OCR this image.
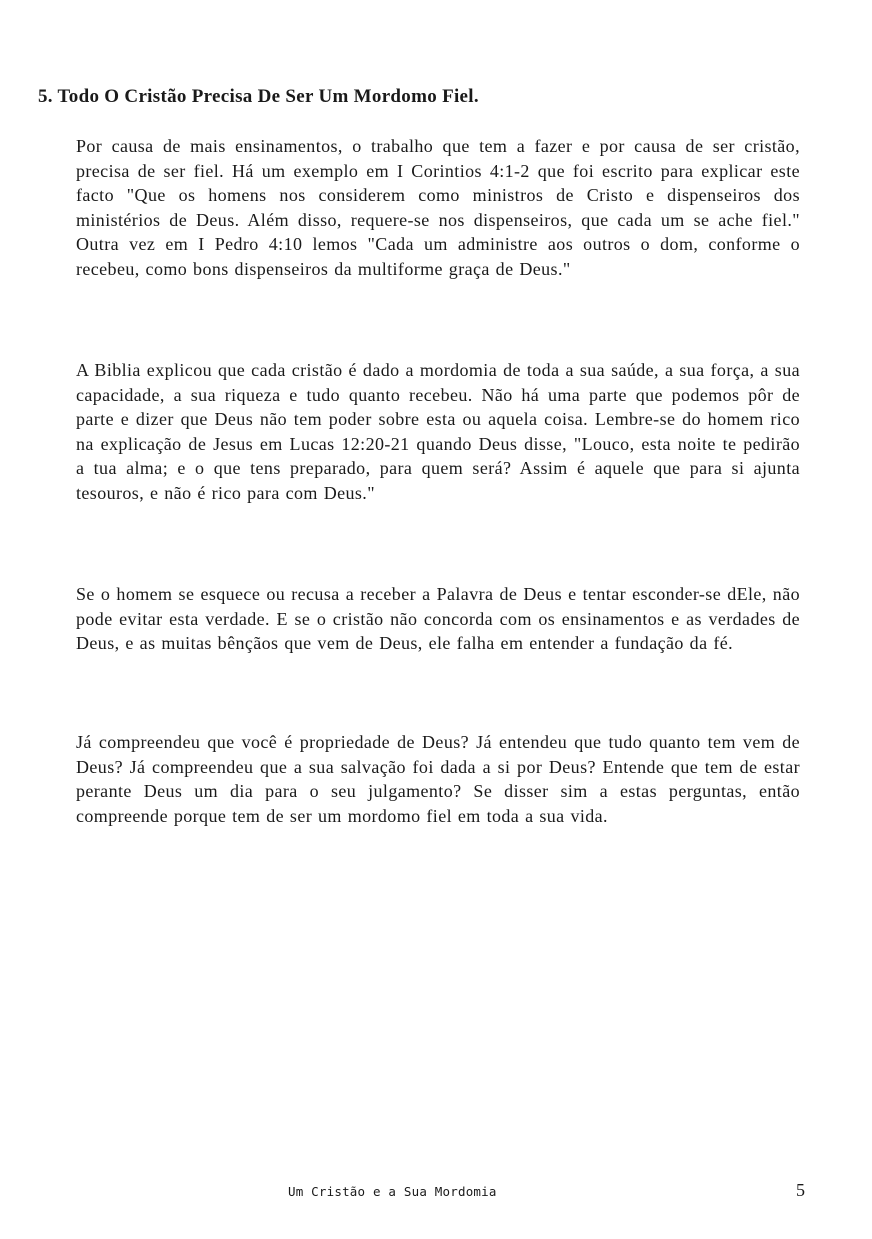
5. Todo O Cristão Precisa De Ser Um Mordomo Fiel.
Por causa de mais ensinamentos, o trabalho que tem a fazer e por causa de ser cristão, precisa de ser fiel. Há um exemplo em I Corintios 4:1-2 que foi escrito para explicar este facto "Que os homens nos considerem como ministros de Cristo e dispenseiros dos ministérios de Deus. Além disso, requere-se nos dispenseiros, que cada um se ache fiel." Outra vez em I Pedro 4:10 lemos "Cada um administre aos outros o dom, conforme o recebeu, como bons dispenseiros da multiforme graça de Deus."
A Biblia explicou que cada cristão é dado a mordomia de toda a sua saúde, a sua força, a sua capacidade, a sua riqueza e tudo quanto recebeu. Não há uma parte que podemos pôr de parte e dizer que Deus não tem poder sobre esta ou aquela coisa. Lembre-se do homem rico na explicação de Jesus em Lucas 12:20-21 quando Deus disse, "Louco, esta noite te pedirão a tua alma; e o que tens preparado, para quem será? Assim é aquele que para si ajunta tesouros, e não é rico para com Deus."
Se o homem se esquece ou recusa a receber a Palavra de Deus e tentar esconder-se dEle, não pode evitar esta verdade. E se o cristão não concorda com os ensinamentos e as verdades de Deus, e as muitas bênçãos que vem de Deus, ele falha em entender a fundação da fé.
Já compreendeu que você é propriedade de Deus? Já entendeu que tudo quanto tem vem de Deus? Já compreendeu que a sua salvação foi dada a si por Deus? Entende que tem de estar perante Deus um dia para o seu julgamento? Se disser sim a estas perguntas, então compreende porque tem de ser um mordomo fiel em toda a sua vida.
Um Cristão e a Sua Mordomia	5
